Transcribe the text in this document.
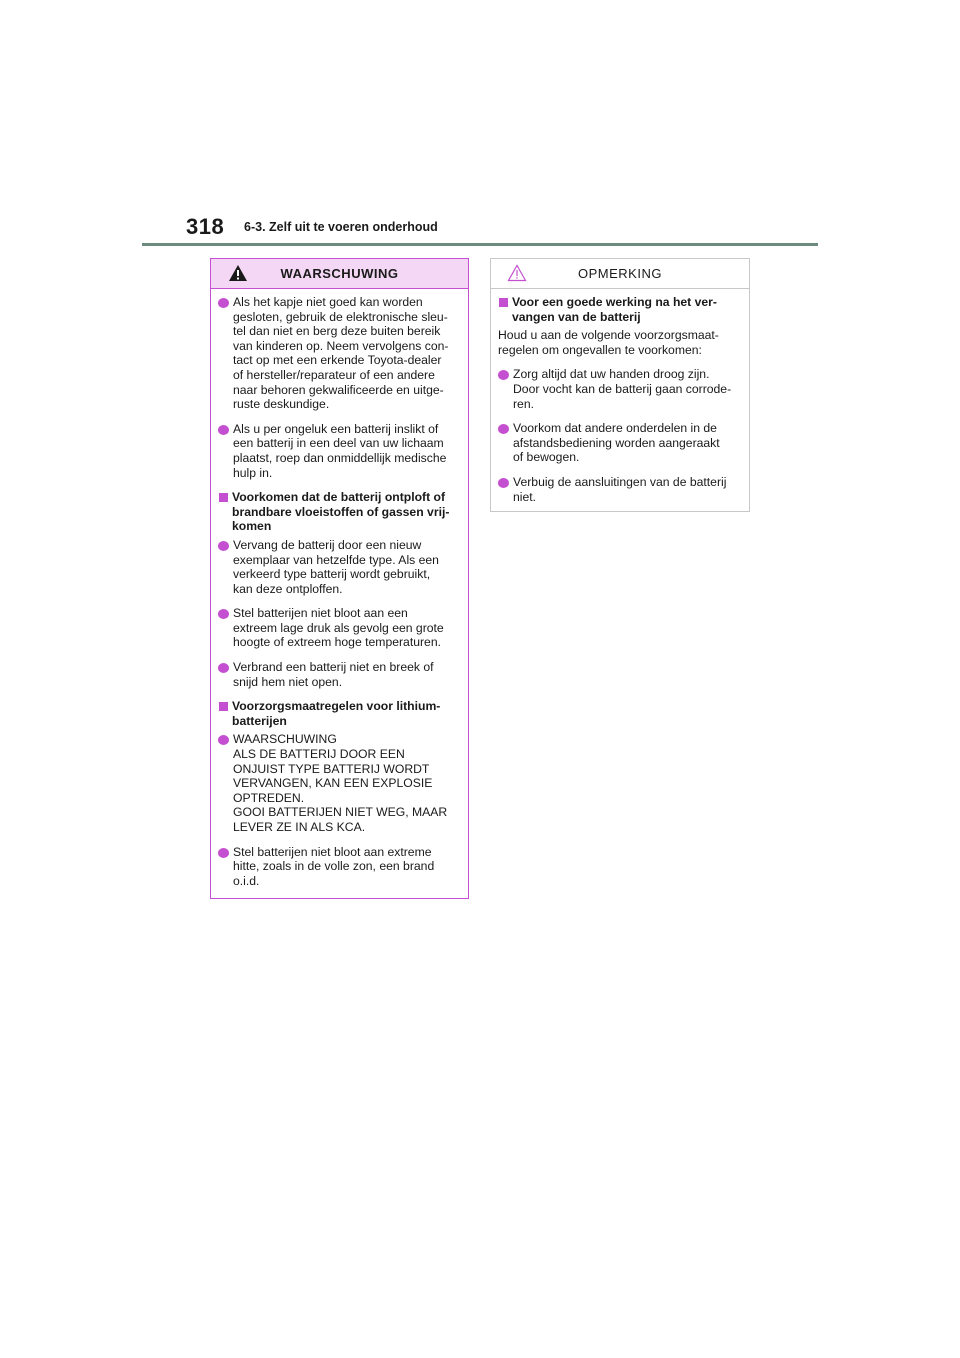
318 6-3. Zelf uit te voeren onderhoud
WAARSCHUWING
Als het kapje niet goed kan worden
gesloten, gebruik de elektronische sleu-
tel dan niet en berg deze buiten bereik
van kinderen op. Neem vervolgens con-
tact op met een erkende Toyota-dealer
of hersteller/reparateur of een andere
naar behoren gekwalificeerde en uitge-
ruste deskundige.
Als u per ongeluk een batterij inslikt of
een batterij in een deel van uw lichaam
plaatst, roep dan onmiddellijk medische
hulp in.
Voorkomen dat de batterij ontploft of
brandbare vloeistoffen of gassen vrij-
komen
Vervang de batterij door een nieuw
exemplaar van hetzelfde type. Als een
verkeerd type batterij wordt gebruikt,
kan deze ontploffen.
Stel batterijen niet bloot aan een
extreem lage druk als gevolg een grote
hoogte of extreem hoge temperaturen.
Verbrand een batterij niet en breek of
snijd hem niet open.
Voorzorgsmaatregelen voor lithium-
batterijen
WAARSCHUWING
ALS DE BATTERIJ DOOR EEN
ONJUIST TYPE BATTERIJ WORDT
VERVANGEN, KAN EEN EXPLOSIE
OPTREDEN.
GOOI BATTERIJEN NIET WEG, MAAR
LEVER ZE IN ALS KCA.
Stel batterijen niet bloot aan extreme
hitte, zoals in de volle zon, een brand
o.i.d.
OPMERKING
Voor een goede werking na het ver-
vangen van de batterij
Houd u aan de volgende voorzorgsmaat-
regelen om ongevallen te voorkomen:
Zorg altijd dat uw handen droog zijn.
Door vocht kan de batterij gaan corrode-
ren.
Voorkom dat andere onderdelen in de
afstandsbediening worden aangeraakt
of bewogen.
Verbuig de aansluitingen van de batterij
niet.
